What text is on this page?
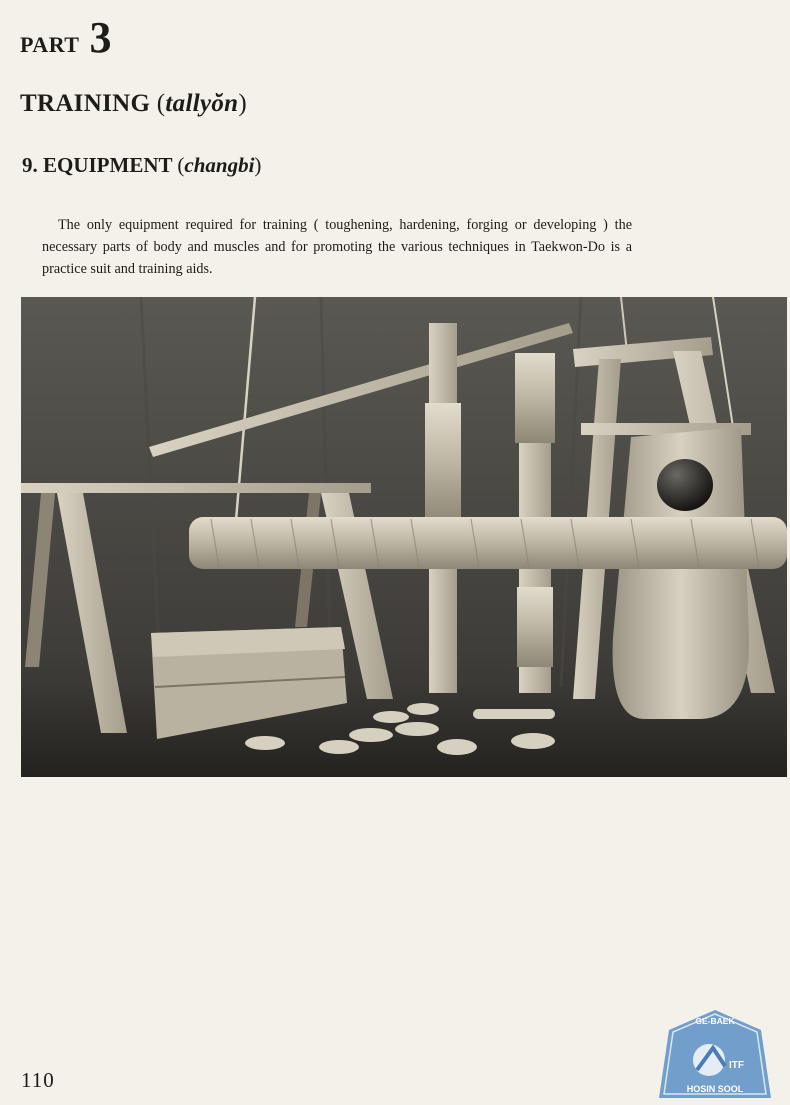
PART 3
TRAINING (tallyŏn)
9. EQUIPMENT (changbi)

The only equipment required for training ( toughening, hardening, forging or developing ) the necessary parts of body and muscles and for promoting the various techniques in Taekwon-Do is a practice suit and training aids.

110
GE-BAEK
ITF
HOSIN SOOL
